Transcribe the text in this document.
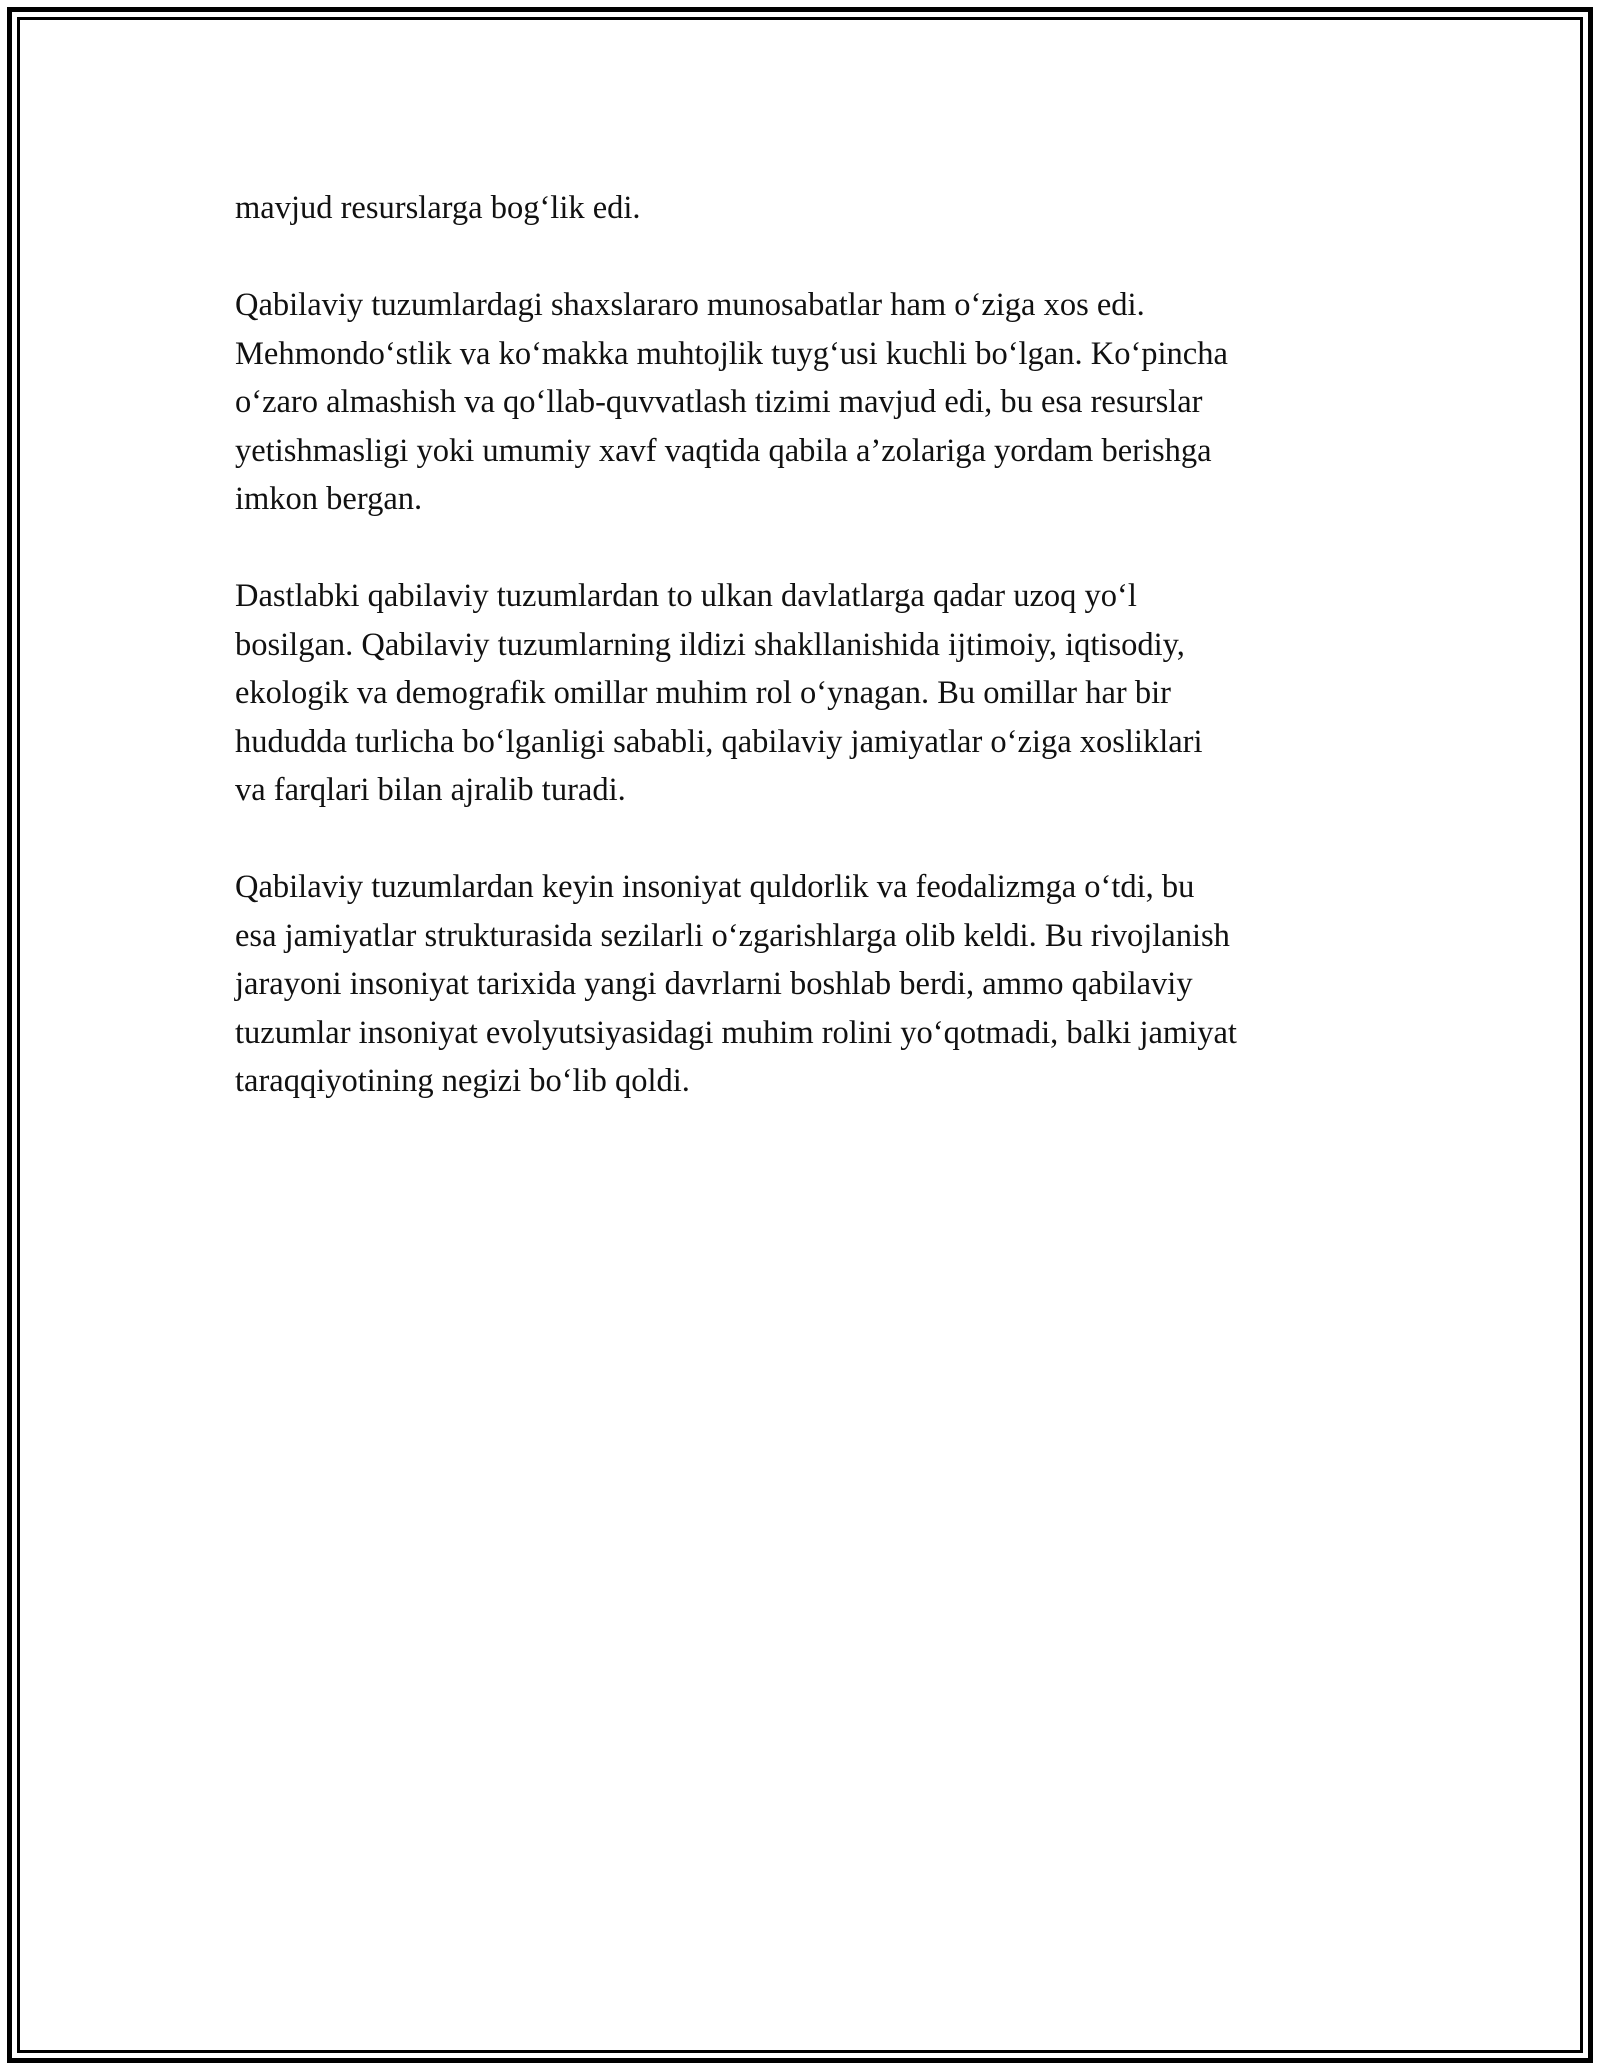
mavjud resurslarga bog‘lik edi.

Qabilaviy tuzumlardagi shaxslararo munosabatlar ham o‘ziga xos edi.
Mehmondo‘stlik va ko‘makka muhtojlik tuyg‘usi kuchli bo‘lgan. Ko‘pincha
o‘zaro almashish va qo‘llab-quvvatlash tizimi mavjud edi, bu esa resurslar
yetishmasligi yoki umumiy xavf vaqtida qabila a’zolariga yordam berishga
imkon bergan.

Dastlabki qabilaviy tuzumlardan to ulkan davlatlarga qadar uzoq yo‘l
bosilgan. Qabilaviy tuzumlarning ildizi shakllanishida ijtimoiy, iqtisodiy,
ekologik va demografik omillar muhim rol o‘ynagan. Bu omillar har bir
hududda turlicha bo‘lganligi sababli, qabilaviy jamiyatlar o‘ziga xosliklari
va farqlari bilan ajralib turadi.

Qabilaviy tuzumlardan keyin insoniyat quldorlik va feodalizmga o‘tdi, bu
esa jamiyatlar strukturasida sezilarli o‘zgarishlarga olib keldi. Bu rivojlanish
jarayoni insoniyat tarixida yangi davrlarni boshlab berdi, ammo qabilaviy
tuzumlar insoniyat evolyutsiyasidagi muhim rolini yo‘qotmadi, balki jamiyat
taraqqiyotining negizi bo‘lib qoldi.
